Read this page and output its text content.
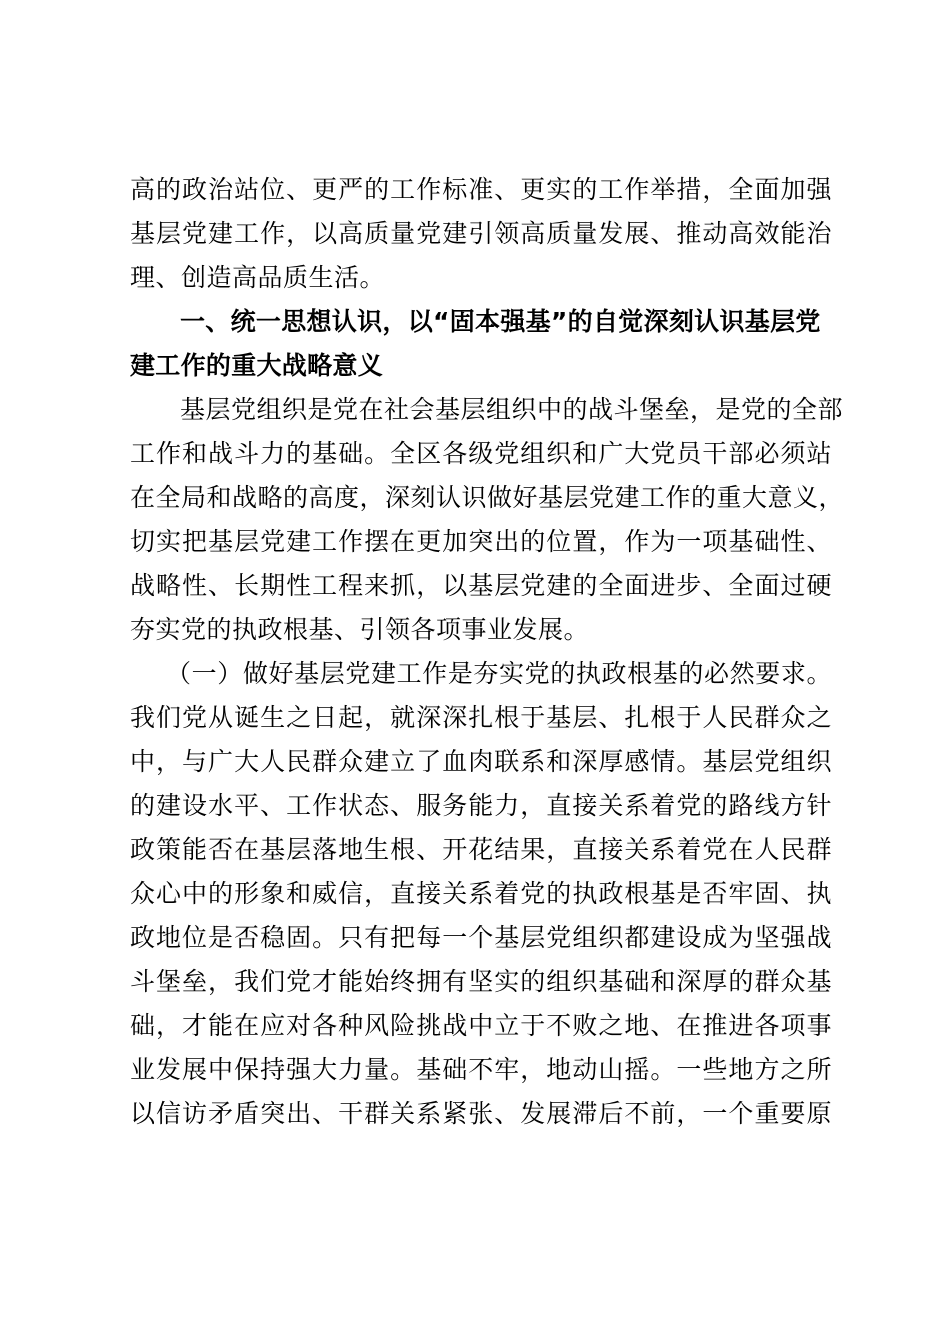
高的政治站位、更严的工作标准、更实的工作举措，全面加强
基层党建工作，以高质量党建引领高质量发展、推动高效能治
理、创造高品质生活。
一、统一思想认识，以“固本强基”的自觉深刻认识基层党
建工作的重大战略意义
基层党组织是党在社会基层组织中的战斗堡垒，是党的全部
工作和战斗力的基础。全区各级党组织和广大党员干部必须站
在全局和战略的高度，深刻认识做好基层党建工作的重大意义，
切实把基层党建工作摆在更加突出的位置，作为一项基础性、
战略性、长期性工程来抓，以基层党建的全面进步、全面过硬
夯实党的执政根基、引领各项事业发展。
（一）做好基层党建工作是夯实党的执政根基的必然要求。
我们党从诞生之日起，就深深扎根于基层、扎根于人民群众之
中，与广大人民群众建立了血肉联系和深厚感情。基层党组织
的建设水平、工作状态、服务能力，直接关系着党的路线方针
政策能否在基层落地生根、开花结果，直接关系着党在人民群
众心中的形象和威信，直接关系着党的执政根基是否牢固、执
政地位是否稳固。只有把每一个基层党组织都建设成为坚强战
斗堡垒，我们党才能始终拥有坚实的组织基础和深厚的群众基
础，才能在应对各种风险挑战中立于不败之地、在推进各项事
业发展中保持强大力量。基础不牢，地动山摇。一些地方之所
以信访矛盾突出、干群关系紧张、发展滞后不前，一个重要原
